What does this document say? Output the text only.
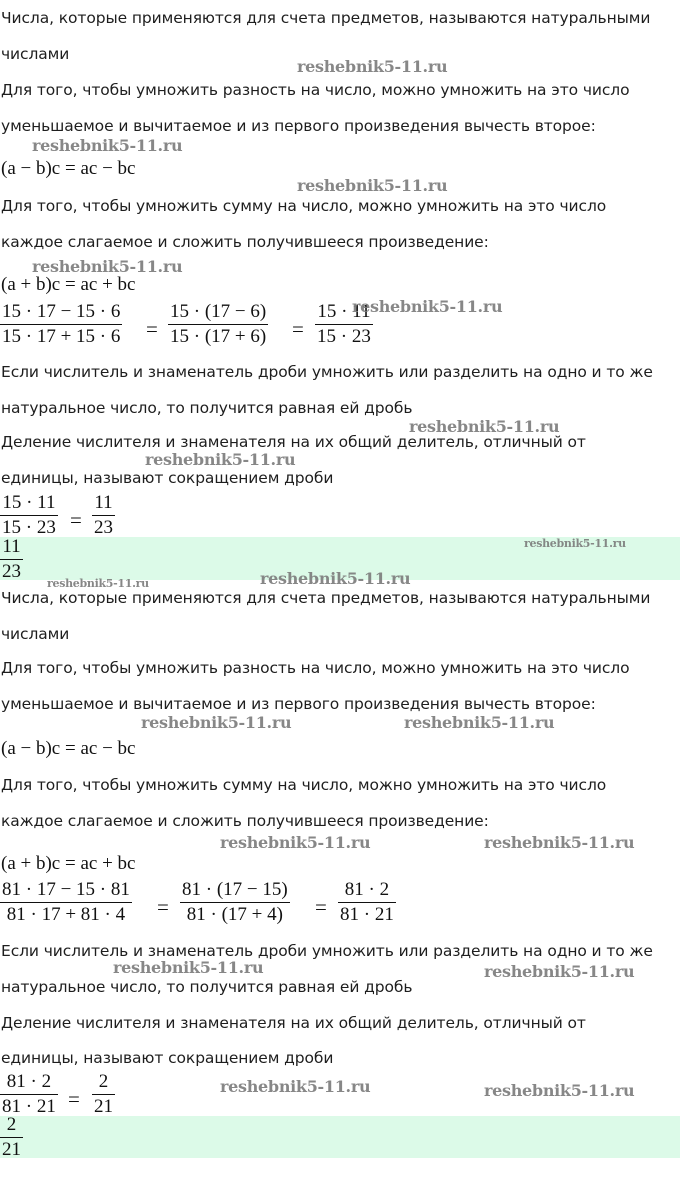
Числа, которые применяются для счета предметов, называются натуральными
числами
Для того, чтобы умножить разность на число, можно умножить на это число
уменьшаемое и вычитаемое и из первого произведения вычесть второе:
(a − b)c = ac − bc
Для того, чтобы умножить сумму на число, можно умножить на это число
каждое слагаемое и сложить получившееся произведение:
(a + b)c = ac + bc
15 · 17 − 15 · 6
15 · 17 + 15 · 6 =
15 · (17 − 6)
15 · (17 + 6) =
15 · 11
15 · 23
Если числитель и знаменатель дроби умножить или разделить на одно и то же
натуральное число, то получится равная ей дробь
Деление числителя и знаменателя на их общий делитель, отличный от
единицы, называют сокращением дроби
15 · 11
15 · 23 =
11
23
11
23
Числа, которые применяются для счета предметов, называются натуральными
числами
Для того, чтобы умножить разность на число, можно умножить на это число
уменьшаемое и вычитаемое и из первого произведения вычесть второе:
(a − b)c = ac − bc
Для того, чтобы умножить сумму на число, можно умножить на это число
каждое слагаемое и сложить получившееся произведение:
(a + b)c = ac + bc
81 · 17 − 15 · 81
81 · 17 + 81 · 4 =
81 · (17 − 15)
81 · (17 + 4) =
81 · 2
81 · 21
Если числитель и знаменатель дроби умножить или разделить на одно и то же
натуральное число, то получится равная ей дробь
Деление числителя и знаменателя на их общий делитель, отличный от
единицы, называют сокращением дроби
81 · 2
81 · 21 =
2
21
2
21
reshebnik5-11.ru
reshebnik5-11.ru
reshebnik5-11.ru
reshebnik5-11.ru
reshebnik5-11.ru
reshebnik5-11.ru
reshebnik5-11.ru
reshebnik5-11.ru
reshebnik5-11.ru	reshebnik5-11.ru
reshebnik5-11.ru	reshebnik5-11.ru
reshebnik5-11.ru	reshebnik5-11.ru
reshebnik5-11.ru	reshebnik5-11.ru
reshebnik5-11.ru	reshebnik5-11.ru
